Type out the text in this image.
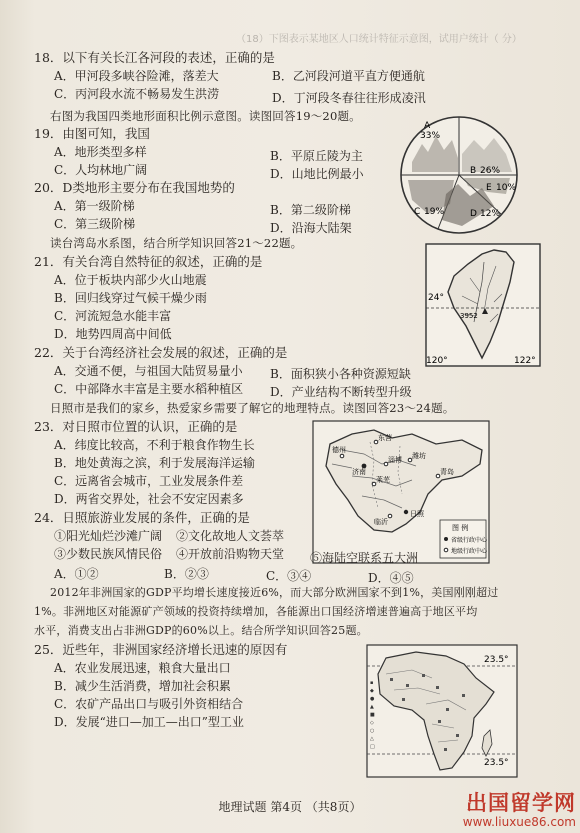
（18）下图表示某地区人口统计特征示意图，试用户统计（ 分）
18．以下有关长江各河段的表述，正确的是
A．甲河段多峡谷险滩，落差大	B．乙河段河道平直方便通航
C．丙河段水流不畅易发生洪涝	D．丁河段冬春往往形成凌汛
右图为我国四类地形面积比例示意图。读图回答19～20题。
19．由图可知，我国
A．地形类型多样	B．平原丘陵为主
C．人均林地广阔	D．山地比例最小
20．D类地形主要分布在我国地势的
A．第一级阶梯	B．第二级阶梯
C．第三级阶梯	D．沿海大陆架
A
33%
B 26%
C 19%	D 12%
E 10%
读台湾岛水系图，结合所学知识回答21～22题。
21．有关台湾自然特征的叙述，正确的是
A．位于板块内部少火山地震
B．回归线穿过气候干燥少雨
C．河流短急水能丰富
D．地势四周高中间低
24°
3952
120°	122°
22．关于台湾经济社会发展的叙述，正确的是
A．交通不便，与祖国大陆贸易量小 B．面积狭小各种资源短缺
C．中部降水丰富是主要水稻种植区 D．产业结构不断转型升级
日照市是我们的家乡，热爱家乡需要了解它的地理特点。读图回答23～24题。
23．对日照市位置的认识，正确的是
A．纬度比较高，不利于粮食作物生长
B．地处黄海之滨，利于发展海洋运输
C．远离省会城市，工业发展条件差
D．两省交界处，社会不安定因素多
东营
德州
济南
淄博 潍坊
青岛
莱芜
日照
临沂
图 例
省级行政中心
地级行政中心
24．日照旅游业发展的条件，正确的是
①阳光灿烂沙滩广阔 ②文化故地人文荟萃
③少数民族风情民俗 ④开放前沿购物天堂 ⑤海陆空联系五大洲
A．①②	B．②③	C．③④	D．④⑤
2012年非洲国家的GDP平均增长速度接近6%，而大部分欧洲国家不到1%，美国刚刚超过
1%。非洲地区对能源矿产领域的投资持续增加，各能源出口国经济增速普遍高于地区平均
水平，消费支出占非洲GDP的60%以上。结合所学知识回答25题。
25．近些年，非洲国家经济增长迅速的原因有
A．农业发展迅速，粮食大量出口
B．减少生活消费，增加社会积累
C．农矿产品出口与吸引外资相结合
D．发展“进口—加工—出口”型工业
▪
◆
●
▲
■
◇
○
△
□
23.5°
23.5°
地理试题 第4页 （共8页）	出国留学网
www.liuxue86.com
